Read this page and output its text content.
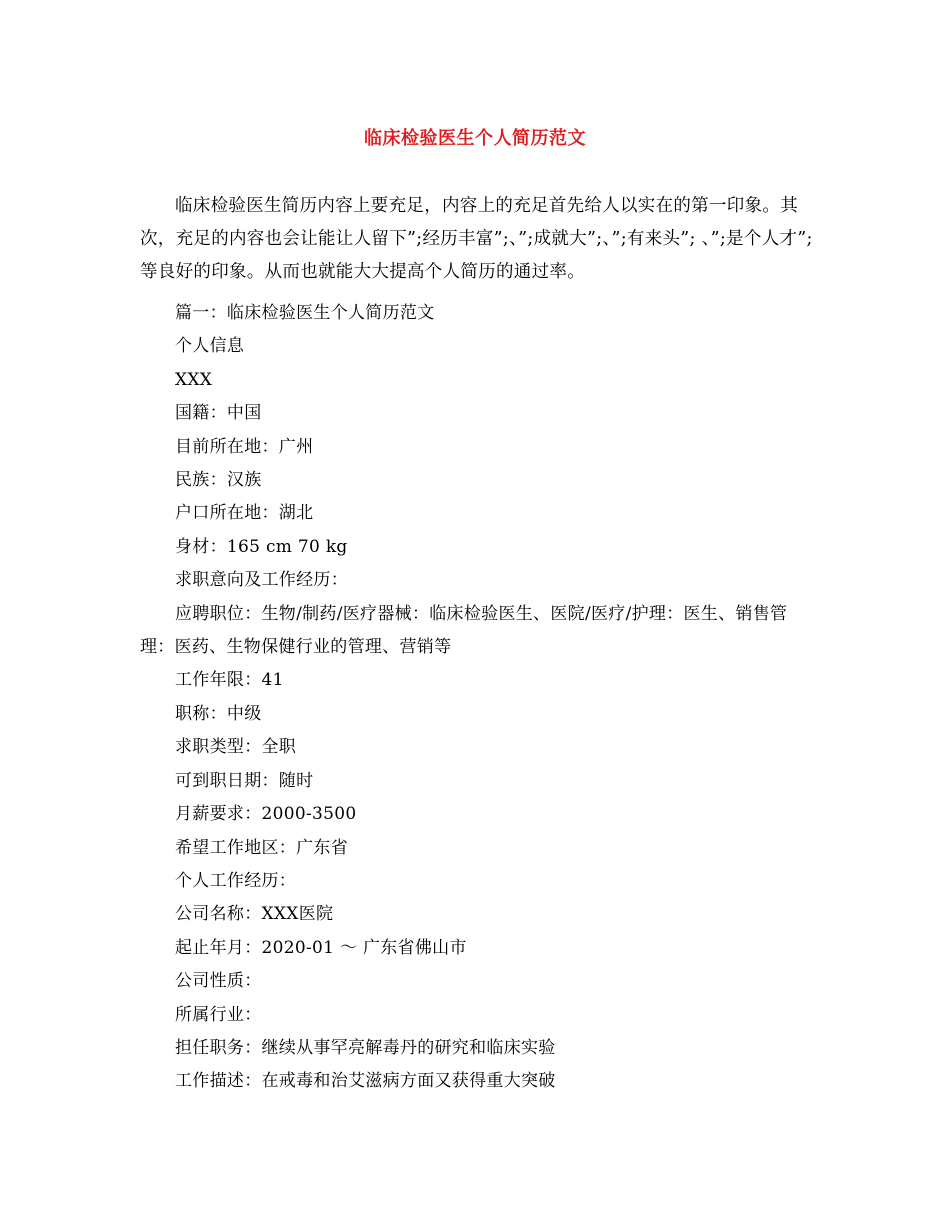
临床检验医生个人简历范文

临床检验医生简历内容上要充足，内容上的充足首先给人以实在的第一印象。其次，充足的内容也会让能让人留下”;经历丰富”;、”;成就大”;、”;有来头”; 、”;是个人才”;等良好的印象。从而也就能大大提高个人简历的通过率。

篇一：临床检验医生个人简历范文
个人信息
XXX
国籍：中国
目前所在地：广州
民族：汉族
户口所在地：湖北
身材：165 cm 70 kg
求职意向及工作经历：
应聘职位：生物/制药/医疗器械：临床检验医生、医院/医疗/护理：医生、销售管理：医药、生物保健行业的管理、营销等
工作年限：41
职称：中级
求职类型：全职
可到职日期：随时
月薪要求：2000-3500
希望工作地区：广东省
个人工作经历：
公司名称：XXX医院
起止年月：2020-01 ～ 广东省佛山市
公司性质：
所属行业：
担任职务：继续从事罕亮解毒丹的研究和临床实验
工作描述：在戒毒和治艾滋病方面又获得重大突破
